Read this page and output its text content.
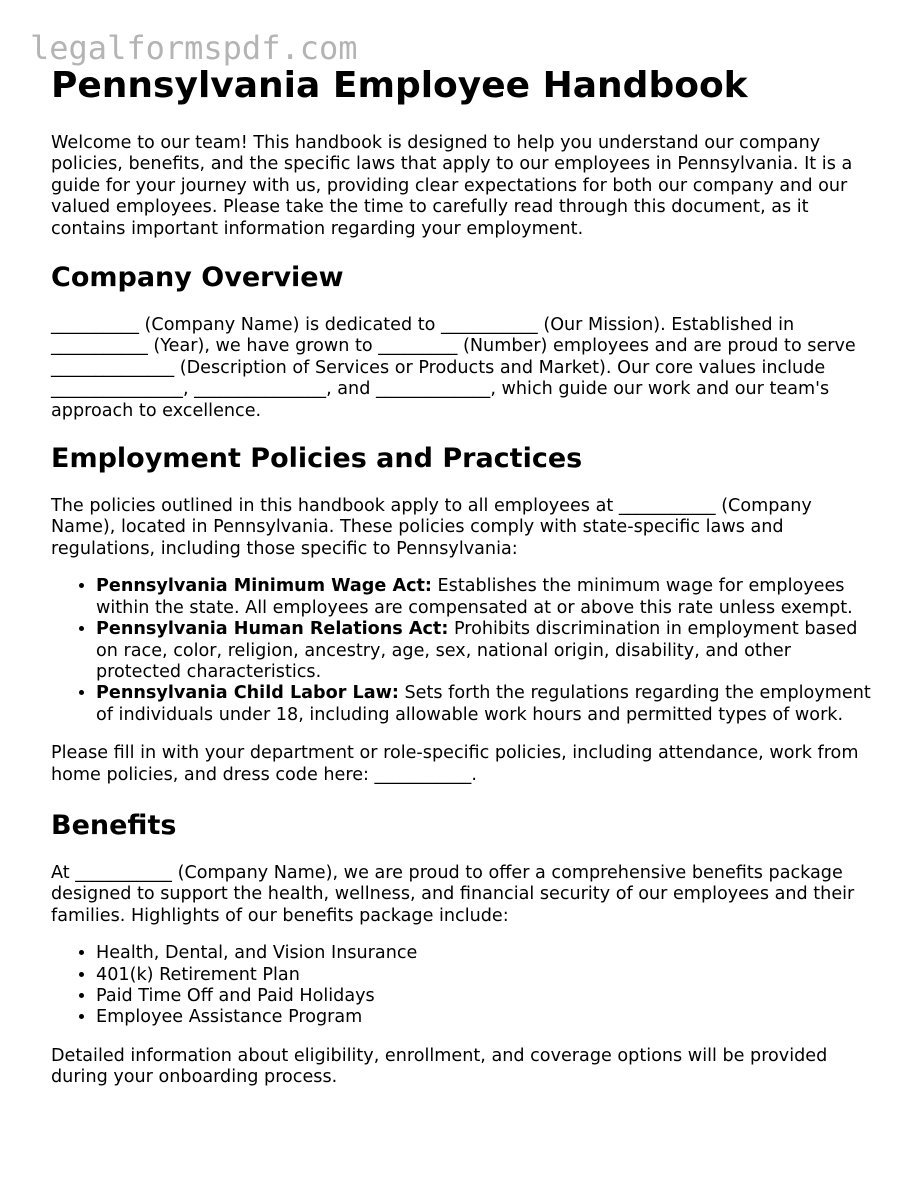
legalformspdf.com
Pennsylvania Employee Handbook

Welcome to our team! This handbook is designed to help you understand our company policies, benefits, and the specific laws that apply to our employees in Pennsylvania. It is a guide for your journey with us, providing clear expectations for both our company and our valued employees. Please take the time to carefully read through this document, as it contains important information regarding your employment.

Company Overview

__________ (Company Name) is dedicated to ___________ (Our Mission). Established in ___________ (Year), we have grown to _________ (Number) employees and are proud to serve ______________ (Description of Services or Products and Market). Our core values include _______________, _______________, and _____________, which guide our work and our team's approach to excellence.

Employment Policies and Practices

The policies outlined in this handbook apply to all employees at ___________ (Company Name), located in Pennsylvania. These policies comply with state-specific laws and regulations, including those specific to Pennsylvania:

• Pennsylvania Minimum Wage Act: Establishes the minimum wage for employees within the state. All employees are compensated at or above this rate unless exempt.
• Pennsylvania Human Relations Act: Prohibits discrimination in employment based on race, color, religion, ancestry, age, sex, national origin, disability, and other protected characteristics.
• Pennsylvania Child Labor Law: Sets forth the regulations regarding the employment of individuals under 18, including allowable work hours and permitted types of work.

Please fill in with your department or role-specific policies, including attendance, work from home policies, and dress code here: ___________.

Benefits

At ___________ (Company Name), we are proud to offer a comprehensive benefits package designed to support the health, wellness, and financial security of our employees and their families. Highlights of our benefits package include:

• Health, Dental, and Vision Insurance
• 401(k) Retirement Plan
• Paid Time Off and Paid Holidays
• Employee Assistance Program

Detailed information about eligibility, enrollment, and coverage options will be provided during your onboarding process.
